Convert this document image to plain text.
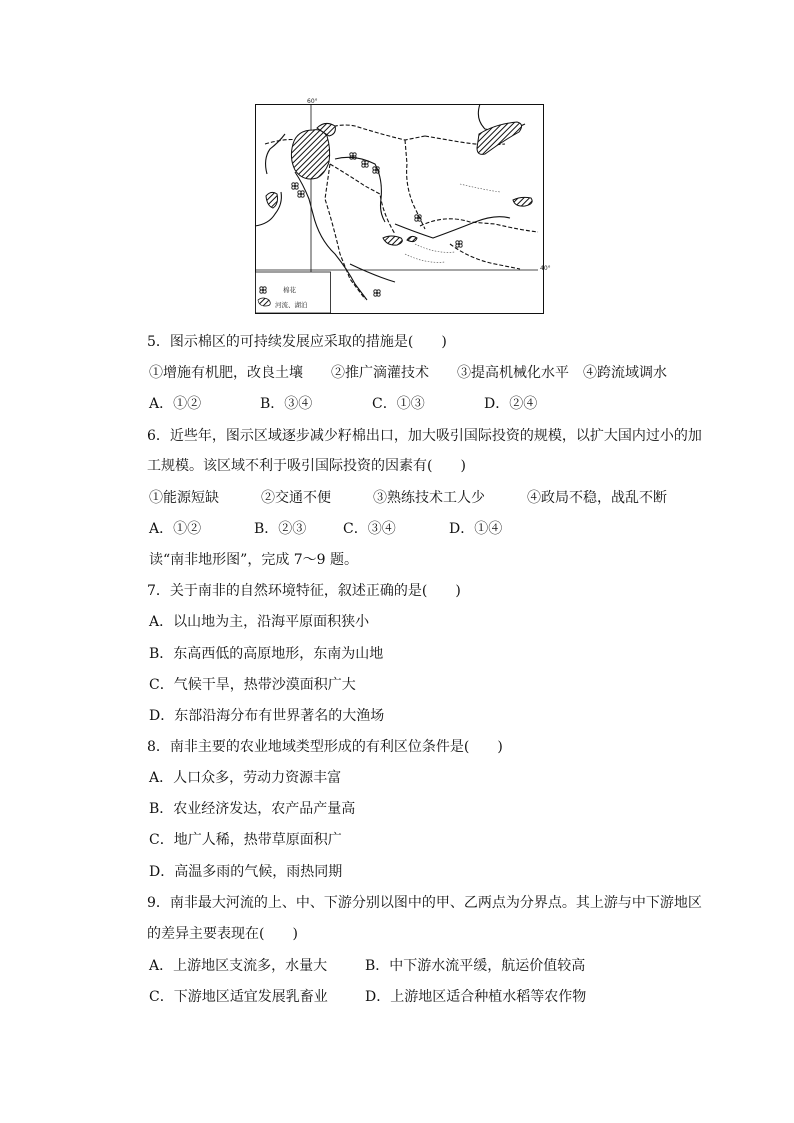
60°
40°
棉花
河流、湖泊
5．图示棉区的可持续发展应采取的措施是(　　)
①增施有机肥，改良土壤　　②推广滴灌技术　　③提高机械化水平　④跨流域调水
A．①②	B．③④	C．①③	D．②④
6．近些年，图示区域逐步减少籽棉出口，加大吸引国际投资的规模，以扩大国内过小的加
工规模。该区域不利于吸引国际投资的因素有(　　)
①能源短缺　　　②交通不便　　　③熟练技术工人少　　　④政局不稳，战乱不断
A．①②	B．②③	C．③④	D．①④
读“南非地形图”，完成 7～9 题。
7．关于南非的自然环境特征，叙述正确的是(　　)
A．以山地为主，沿海平原面积狭小
B．东高西低的高原地形，东南为山地
C．气候干旱，热带沙漠面积广大
D．东部沿海分布有世界著名的大渔场
8．南非主要的农业地域类型形成的有利区位条件是(　　)
A．人口众多，劳动力资源丰富
B．农业经济发达，农产品产量高
C．地广人稀，热带草原面积广
D．高温多雨的气候，雨热同期
9．南非最大河流的上、中、下游分别以图中的甲、乙两点为分界点。其上游与中下游地区
的差异主要表现在(　　)
A．上游地区支流多，水量大	B．中下游水流平缓，航运价值较高
C．下游地区适宜发展乳畜业	D．上游地区适合种植水稻等农作物
